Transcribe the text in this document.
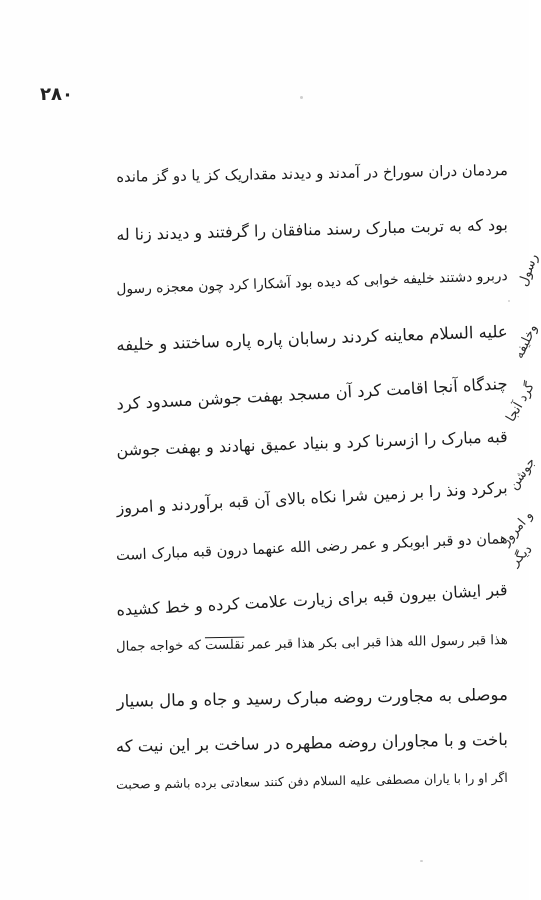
۲۸۰
مردمان دران سوراخ در آمدند و دیدند مقداریک کز یا دو گز مانده
بود که به تربت مبارک رسند منافقان را گرفتند و دیدند زنا له
دربرو دشتند خلیفه خوابی که دیده بود آشکارا کرد چون معجزه رسول
علیه السلام معاینه کردند رسابان پاره پاره ساختند و خلیفه
چندگاه آنجا اقامت کرد آن مسجد بهفت جوشن مسدود کرد
قبه مبارک را ازسرنا کرد و بنیاد عمیق نهادند و بهفت جوشن
برکرد ونذ را بر زمین شرا نکاه بالای آن قبه برآوردند و امروز
همان دو قبر ابوبکر و عمر رضی الله عنهما درون قبه مبارک است
قبر ایشان بیرون قبه برای زیارت علامت کرده و خط کشیده
هذا قبر رسول الله هذا قبر ابی بکر هذا قبر عمر نقلست که خواجه جمال
موصلی به مجاورت روضه مبارک رسید و جاه و مال بسیار
باخت و با مجاوران روضه مطهره در ساخت بر این نیت که
اگر او را با یاران مصطفی علیه السلام دفن کنند سعادتی برده باشم و صحبت
رسول
وخلیفه
گرد آنجا
جوشن
و امروز
دیگر
